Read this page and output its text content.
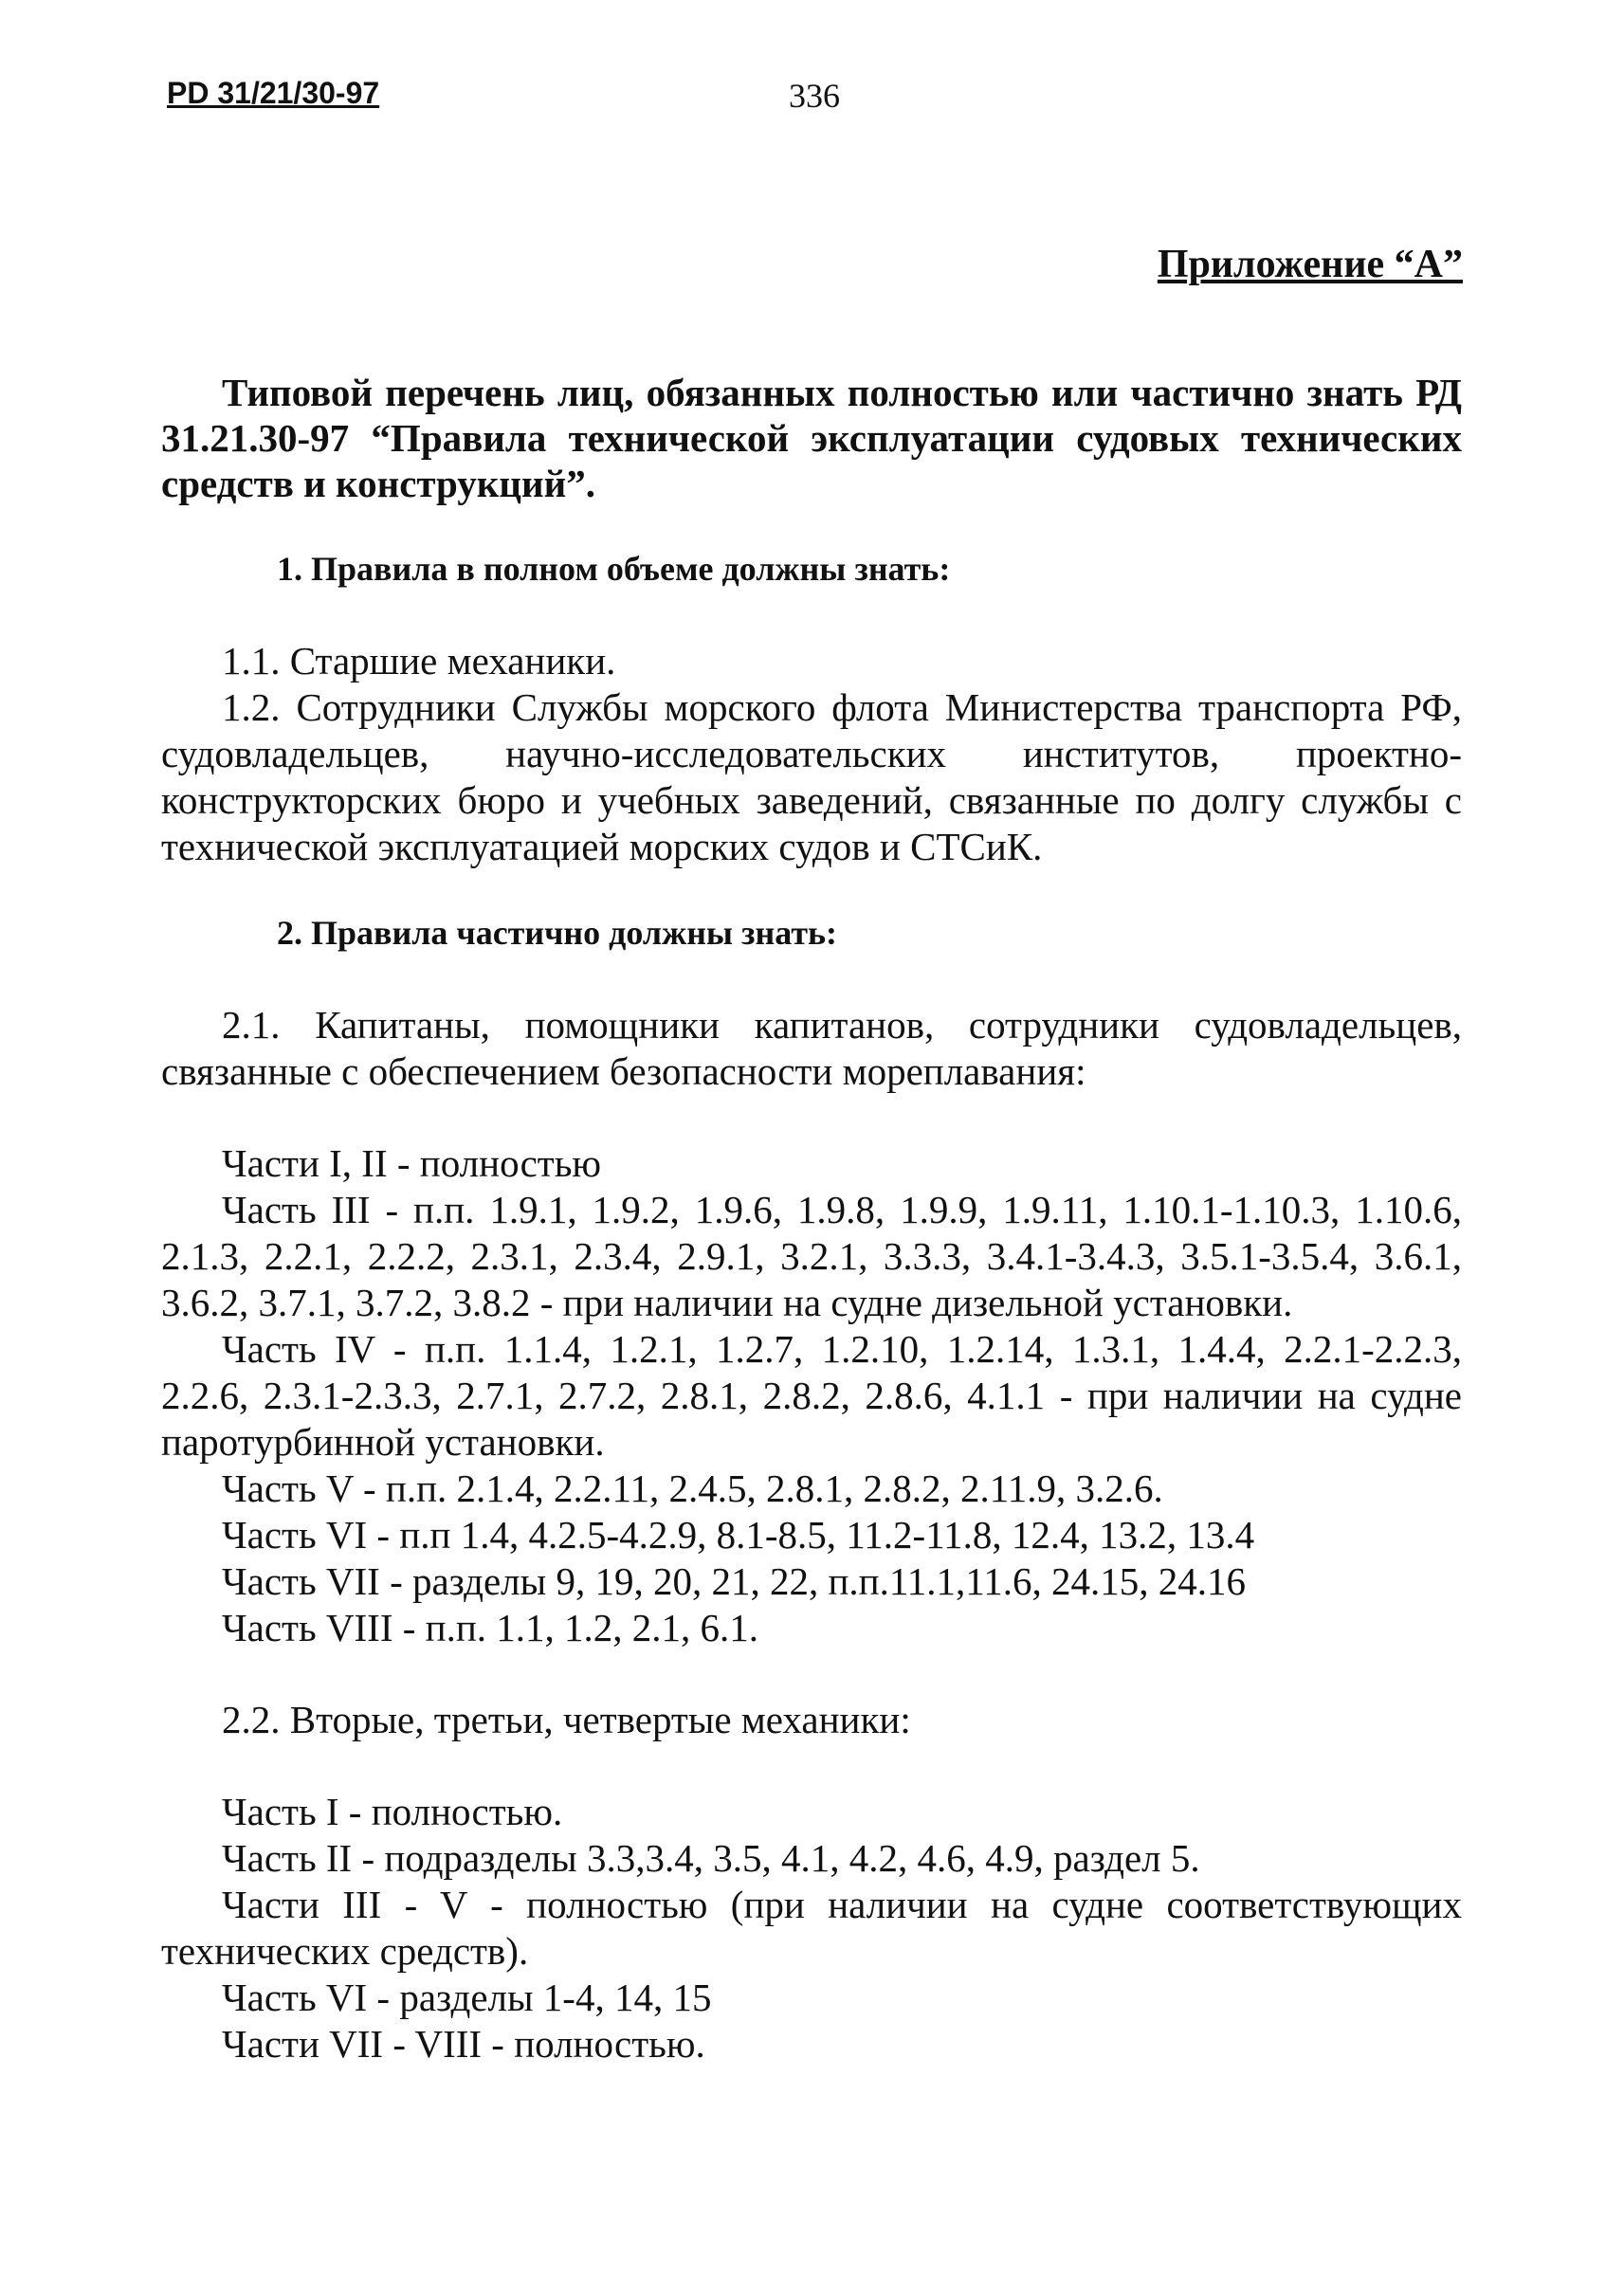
РD 31/21/30-97	336
Приложение “А”

Типовой перечень лиц, обязанных полностью или частично знать РД 31.21.30-97 “Правила технической эксплуатации судовых технических средств и конструкций”.

1. Правила в полном объеме должны знать:

1.1. Старшие механики.

1.2. Сотрудники Службы морского флота Министерства транспорта РФ, судовладельцев, научно-исследовательских институтов, проектно-конструкторских бюро и учебных заведений, связанные по долгу службы с технической эксплуатацией морских судов и СТСиК.

2. Правила частично должны знать:

2.1. Капитаны, помощники капитанов, сотрудники судовладельцев, связанные с обеспечением безопасности мореплавания:

Части I, II - полностью

Часть III - п.п. 1.9.1, 1.9.2, 1.9.6, 1.9.8, 1.9.9, 1.9.11, 1.10.1-1.10.3, 1.10.6, 2.1.3, 2.2.1, 2.2.2, 2.3.1, 2.3.4, 2.9.1, 3.2.1, 3.3.3, 3.4.1-3.4.3, 3.5.1-3.5.4, 3.6.1, 3.6.2, 3.7.1, 3.7.2, 3.8.2 - при наличии на судне дизельной установки.

Часть IV - п.п. 1.1.4, 1.2.1, 1.2.7, 1.2.10, 1.2.14, 1.3.1, 1.4.4, 2.2.1-2.2.3, 2.2.6, 2.3.1-2.3.3, 2.7.1, 2.7.2, 2.8.1, 2.8.2, 2.8.6, 4.1.1 - при наличии на судне паротурбинной установки.

Часть V - п.п. 2.1.4, 2.2.11, 2.4.5, 2.8.1, 2.8.2, 2.11.9, 3.2.6.

Часть VI - п.п 1.4, 4.2.5-4.2.9, 8.1-8.5, 11.2-11.8, 12.4, 13.2, 13.4

Часть VII - разделы 9, 19, 20, 21, 22, п.п.11.1,11.6, 24.15, 24.16

Часть VIII - п.п. 1.1, 1.2, 2.1, 6.1.

2.2. Вторые, третьи, четвертые механики:

Часть I - полностью.

Часть II - подразделы 3.3,3.4, 3.5, 4.1, 4.2, 4.6, 4.9, раздел 5.

Части III - V - полностью (при наличии на судне соответствующих технических средств).

Часть VI - разделы 1-4, 14, 15

Части VII - VIII - полностью.
